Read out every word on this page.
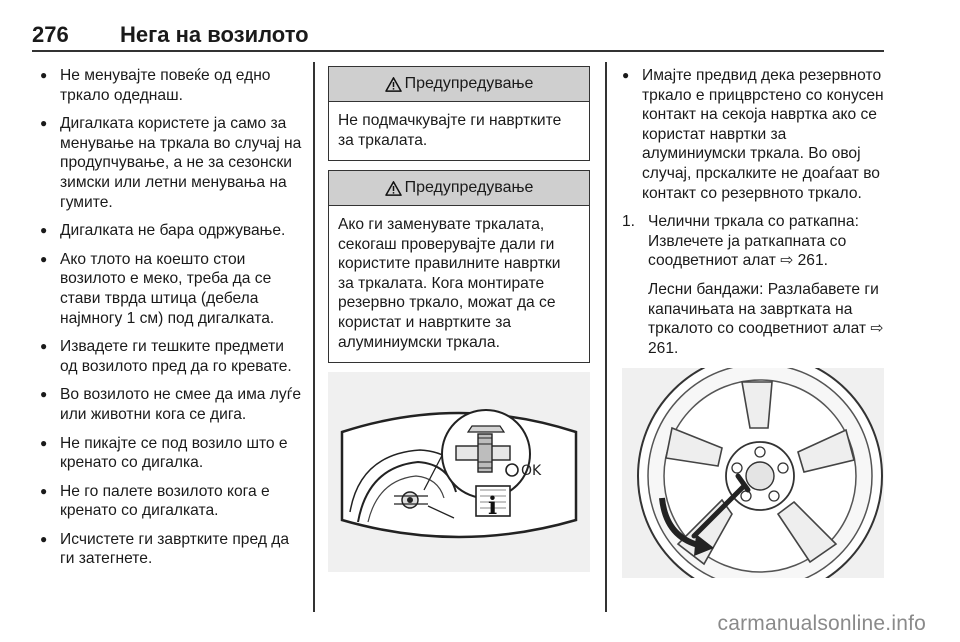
276 Нега на возилото
● Не менувајте повеќе од едно тркало одеднаш.
● Дигалката користете ја само за менување на тркала во случај на продупчување, а не за сезонски зимски или летни менувања на гумите.
● Дигалката не бара одржување.
● Ако тлото на коешто стои возилото е меко, треба да се стави тврда штица (дебела најмногу 1 см) под дигалката.
● Извадете ги тешките предмети од возилото пред да го кревате.
● Во возилото не смее да има луѓе или животни кога се дига.
● Не пикајте се под возило што е кренато со дигалка.
● Не го палете возилото кога е кренато со дигалката.
● Исчистете ги завртките пред да ги затегнете.
Предупредување
Не подмачкувајте ги навртките за тркалата.
Предупредување
Ако ги заменувате тркалата, секогаш проверувајте дали ги користите правилните навртки за тркалата. Кога монтирате резервно тркало, можат да се користат и навртките за алуминиумски тркала.
OK
i
● Имајте предвид дека резервното тркало е прицврстено со конусен контакт на секоја навртка ако се користат навртки за алуминиумски тркала. Во овој случај, прскалките не доаѓаат во контакт со резервното тркало.
1. Челични тркала со раткапна: Извлечете ја раткапната со соодветниот алат ⇨ 261.
Лесни бандажи: Разлабавете ги капачињата на завртката на тркалото со соодветниот алат ⇨ 261.
carmanualsonline.info
